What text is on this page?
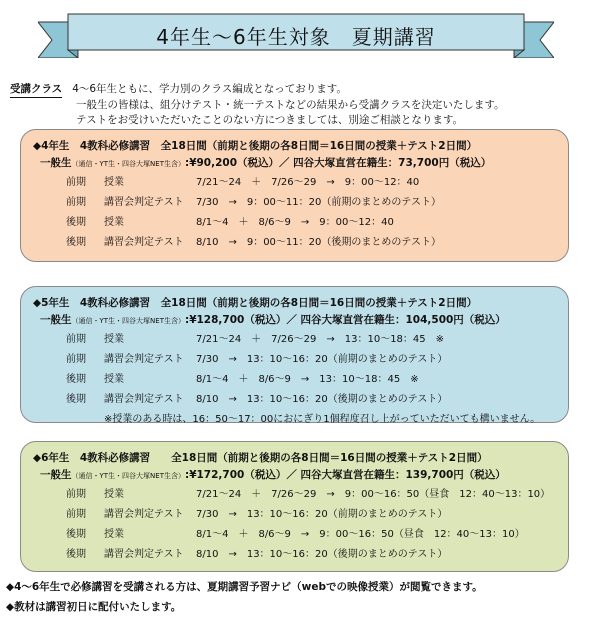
4年生〜6年生対象　夏期講習
受講クラス 4〜6年生ともに、学力別のクラス編成となっております。
一般生の皆様は、組分けテスト・統一テストなどの結果から受講クラスを決定いたします。
テストをお受けいただいたことのない方につきましては、別途ご相談となります。
◆4年生　4教科必修講習　全18日間（前期と後期の各8日間＝16日間の授業＋テスト2日間）
一般生（通信・YT生・四谷大塚NET生含）:¥90,200（税込）／ 四谷大塚直営在籍生：73,700円（税込）
前期 授業	7/21〜24　＋　7/26〜29　→　9：00〜12：40
前期 講習会判定テスト 7/30　→　9：00〜11：20（前期のまとめのテスト）
後期 授業	8/1〜4　＋　8/6〜9　→　9：00〜12：40
後期 講習会判定テスト 8/10　→　9：00〜11：20（後期のまとめのテスト）
◆5年生　4教科必修講習　全18日間（前期と後期の各8日間＝16日間の授業＋テスト2日間）
一般生（通信・YT生・四谷大塚NET生含）:¥128,700（税込）／ 四谷大塚直営在籍生：104,500円（税込）
前期 授業	7/21〜24　＋　7/26〜29　→　13：10〜18：45　※
前期 講習会判定テスト 7/30　→　13：10〜16：20（前期のまとめのテスト）
後期 授業	8/1〜4　＋　8/6〜9　→　13：10〜18：45　※
後期 講習会判定テスト 8/10　→　13：10〜16：20（後期のまとめのテスト）
※授業のある時は、16：50〜17：00におにぎり1個程度召し上がっていただいても構いません。
◆6年生　4教科必修講習　　全18日間（前期と後期の各8日間＝16日間の授業＋テスト2日間）
一般生（通信・YT生・四谷大塚NET生含）:¥172,700（税込）／ 四谷大塚直営在籍生：139,700円（税込）
前期 授業	7/21〜24　＋　7/26〜29　→　9：00〜16：50（昼食　12：40〜13：10）
前期 講習会判定テスト 7/30　→　13：10〜16：20（前期のまとめのテスト）
後期 授業	8/1〜4　＋　8/6〜9　→　9：00〜16：50（昼食　12：40〜13：10）
後期 講習会判定テスト 8/10　→　13：10〜16：20（後期のまとめのテスト）
◆4〜6年生で必修講習を受講される方は、夏期講習予習ナビ（webでの映像授業）が閲覧できます。
◆教材は講習初日に配付いたします。
